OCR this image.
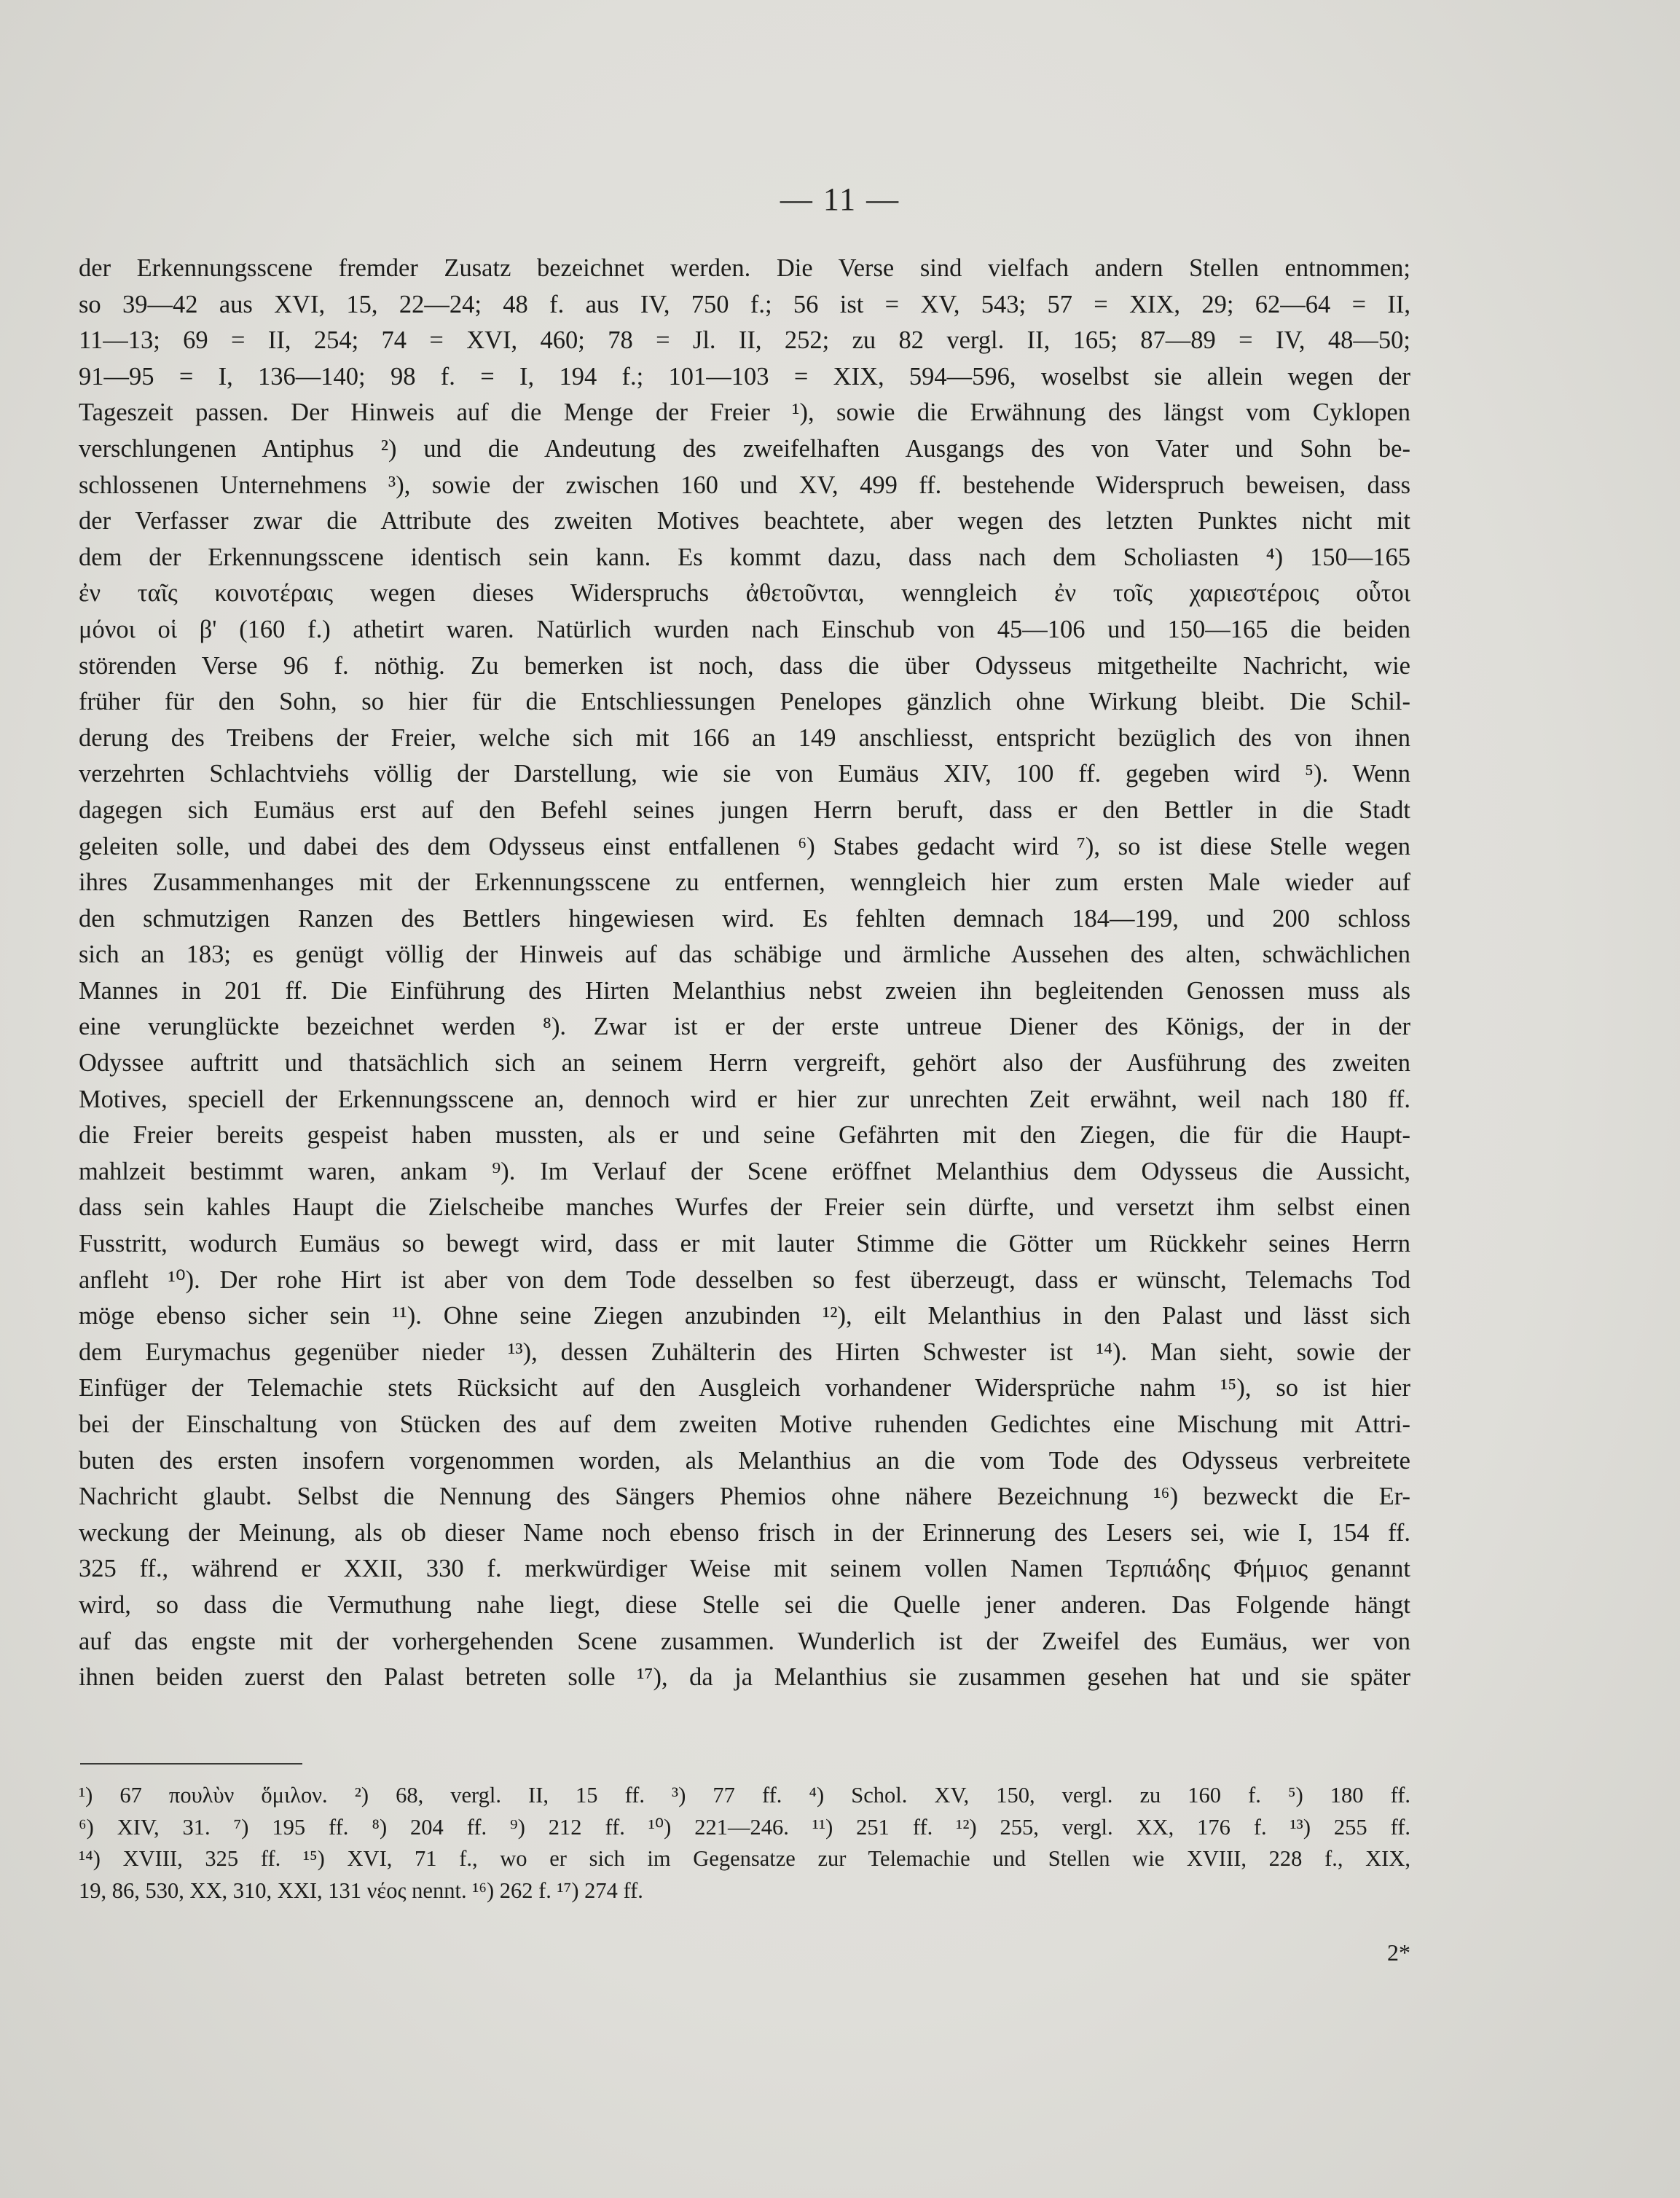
— 11 —
der Erkennungsscene fremder Zusatz bezeichnet werden. Die Verse sind vielfach andern Stellen entnommen;
so 39—42 aus XVI, 15, 22—24; 48 f. aus IV, 750 f.; 56 ist = XV, 543; 57 = XIX, 29; 62—64 = II,
11—13; 69 = II, 254; 74 = XVI, 460; 78 = Jl. II, 252; zu 82 vergl. II, 165; 87—89 = IV, 48—50;
91—95 = I, 136—140; 98 f. = I, 194 f.; 101—103 = XIX, 594—596, woselbst sie allein wegen der
Tageszeit passen. Der Hinweis auf die Menge der Freier ¹), sowie die Erwähnung des längst vom Cyklopen
verschlungenen Antiphus ²) und die Andeutung des zweifelhaften Ausgangs des von Vater und Sohn be-
schlossenen Unternehmens ³), sowie der zwischen 160 und XV, 499 ff. bestehende Widerspruch beweisen, dass
der Verfasser zwar die Attribute des zweiten Motives beachtete, aber wegen des letzten Punktes nicht mit
dem der Erkennungsscene identisch sein kann. Es kommt dazu, dass nach dem Scholiasten ⁴) 150—165
ἐν ταῖς κοινοτέραις wegen dieses Widerspruchs ἀθετοῦνται, wenngleich ἐν τοῖς χαριεστέροις οὗτοι
μόνοι οἱ β' (160 f.) athetirt waren. Natürlich wurden nach Einschub von 45—106 und 150—165 die beiden
störenden Verse 96 f. nöthig. Zu bemerken ist noch, dass die über Odysseus mitgetheilte Nachricht, wie
früher für den Sohn, so hier für die Entschliessungen Penelopes gänzlich ohne Wirkung bleibt. Die Schil-
derung des Treibens der Freier, welche sich mit 166 an 149 anschliesst, entspricht bezüglich des von ihnen
verzehrten Schlachtviehs völlig der Darstellung, wie sie von Eumäus XIV, 100 ff. gegeben wird ⁵). Wenn
dagegen sich Eumäus erst auf den Befehl seines jungen Herrn beruft, dass er den Bettler in die Stadt
geleiten solle, und dabei des dem Odysseus einst entfallenen ⁶) Stabes gedacht wird ⁷), so ist diese Stelle wegen
ihres Zusammenhanges mit der Erkennungsscene zu entfernen, wenngleich hier zum ersten Male wieder auf
den schmutzigen Ranzen des Bettlers hingewiesen wird. Es fehlten demnach 184—199, und 200 schloss
sich an 183; es genügt völlig der Hinweis auf das schäbige und ärmliche Aussehen des alten, schwächlichen
Mannes in 201 ff. Die Einführung des Hirten Melanthius nebst zweien ihn begleitenden Genossen muss als
eine verunglückte bezeichnet werden ⁸). Zwar ist er der erste untreue Diener des Königs, der in der
Odyssee auftritt und thatsächlich sich an seinem Herrn vergreift, gehört also der Ausführung des zweiten
Motives, speciell der Erkennungsscene an, dennoch wird er hier zur unrechten Zeit erwähnt, weil nach 180 ff.
die Freier bereits gespeist haben mussten, als er und seine Gefährten mit den Ziegen, die für die Haupt-
mahlzeit bestimmt waren, ankam ⁹). Im Verlauf der Scene eröffnet Melanthius dem Odysseus die Aussicht,
dass sein kahles Haupt die Zielscheibe manches Wurfes der Freier sein dürfte, und versetzt ihm selbst einen
Fusstritt, wodurch Eumäus so bewegt wird, dass er mit lauter Stimme die Götter um Rückkehr seines Herrn
anfleht ¹⁰). Der rohe Hirt ist aber von dem Tode desselben so fest überzeugt, dass er wünscht, Telemachs Tod
möge ebenso sicher sein ¹¹). Ohne seine Ziegen anzubinden ¹²), eilt Melanthius in den Palast und lässt sich
dem Eurymachus gegenüber nieder ¹³), dessen Zuhälterin des Hirten Schwester ist ¹⁴). Man sieht, sowie der
Einfüger der Telemachie stets Rücksicht auf den Ausgleich vorhandener Widersprüche nahm ¹⁵), so ist hier
bei der Einschaltung von Stücken des auf dem zweiten Motive ruhenden Gedichtes eine Mischung mit Attri-
buten des ersten insofern vorgenommen worden, als Melanthius an die vom Tode des Odysseus verbreitete
Nachricht glaubt. Selbst die Nennung des Sängers Phemios ohne nähere Bezeichnung ¹⁶) bezweckt die Er-
weckung der Meinung, als ob dieser Name noch ebenso frisch in der Erinnerung des Lesers sei, wie I, 154 ff.
325 ff., während er XXII, 330 f. merkwürdiger Weise mit seinem vollen Namen Τερπιάδης Φήμιος genannt
wird, so dass die Vermuthung nahe liegt, diese Stelle sei die Quelle jener anderen. Das Folgende hängt
auf das engste mit der vorhergehenden Scene zusammen. Wunderlich ist der Zweifel des Eumäus, wer von
ihnen beiden zuerst den Palast betreten solle ¹⁷), da ja Melanthius sie zusammen gesehen hat und sie später
¹) 67 πουλὺν ὅμιλον. ²) 68, vergl. II, 15 ff. ³) 77 ff. ⁴) Schol. XV, 150, vergl. zu 160 f. ⁵) 180 ff.
⁶) XIV, 31. ⁷) 195 ff. ⁸) 204 ff. ⁹) 212 ff. ¹⁰) 221—246. ¹¹) 251 ff. ¹²) 255, vergl. XX, 176 f. ¹³) 255 ff.
¹⁴) XVIII, 325 ff. ¹⁵) XVI, 71 f., wo er sich im Gegensatze zur Telemachie und Stellen wie XVIII, 228 f., XIX,
19, 86, 530, XX, 310, XXI, 131 νέος nennt. ¹⁶) 262 f. ¹⁷) 274 ff.
2*
